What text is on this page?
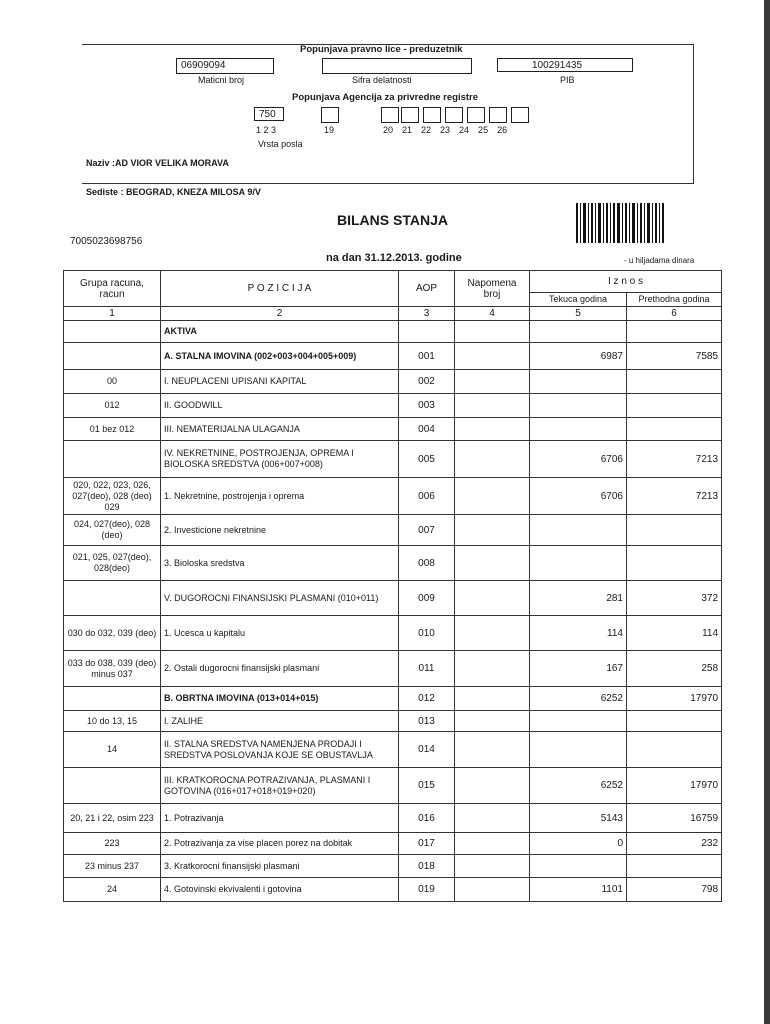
Popunjava pravno lice - preduzetnik
06909094
Maticni broj	Sifra delatnosti
100291435
PIB
Popunjava Agencija za privredne registre
750
1 2 3	19	20  21  22  23  24  25  26
Vrsta posla
Naziv :AD VIOR VELIKA MORAVA
Sediste : BEOGRAD, KNEZA MILOSA 9/V
BILANS STANJA
7005023698756
na dan 31.12.2013. godine	- u hiljadama dinara
Grupa racuna, racun	P O Z I C I J A	AOP	Napomena broj	I z n o s	
				Tekuca godina	Prethodna godina
1	2	3	4	5	6
	AKTIVA				
	A. STALNA IMOVINA (002+003+004+005+009)	001		6987	7585
00	I. NEUPLACENI UPISANI KAPITAL	002			
012	II. GOODWILL	003			
01 bez 012	III. NEMATERIJALNA ULAGANJA	004			
	IV. NEKRETNINE, POSTROJENJA, OPREMA I BIOLOSKA SREDSTVA (006+007+008)	005		6706	7213
020, 022, 023, 026, 027(deo), 028 (deo) 029	1. Nekretnine, postrojenja i oprema	006		6706	7213
024, 027(deo), 028 (deo)	2. Investicione nekretnine	007			
021, 025, 027(deo), 028(deo)	3. Bioloska sredstva	008			
	V. DUGOROCNI FINANSIJSKI PLASMANI (010+011)	009		281	372
030 do 032, 039 (deo)	1. Ucesca u kapitalu	010		114	114
033 do 038, 039 (deo) minus 037	2. Ostali dugorocni finansijski plasmani	011		167	258
	B. OBRTNA IMOVINA (013+014+015)	012		6252	17970
10 do 13, 15	I. ZALIHE	013			
14	II. STALNA SREDSTVA NAMENJENA PRODAJI I SREDSTVA POSLOVANJA KOJE SE OBUSTAVLJA	014			
	III. KRATKOROCNA POTRAZIVANJA, PLASMANI I GOTOVINA (016+017+018+019+020)	015		6252	17970
20, 21 i 22, osim 223	1. Potrazivanja	016		5143	16759
223	2. Potrazivanja za vise placen porez na dobitak	017		0	232
23 minus 237	3. Kratkorocni finansijski plasmani	018			
24	4. Gotovinski ekvivalenti i gotovina	019		1101	798
